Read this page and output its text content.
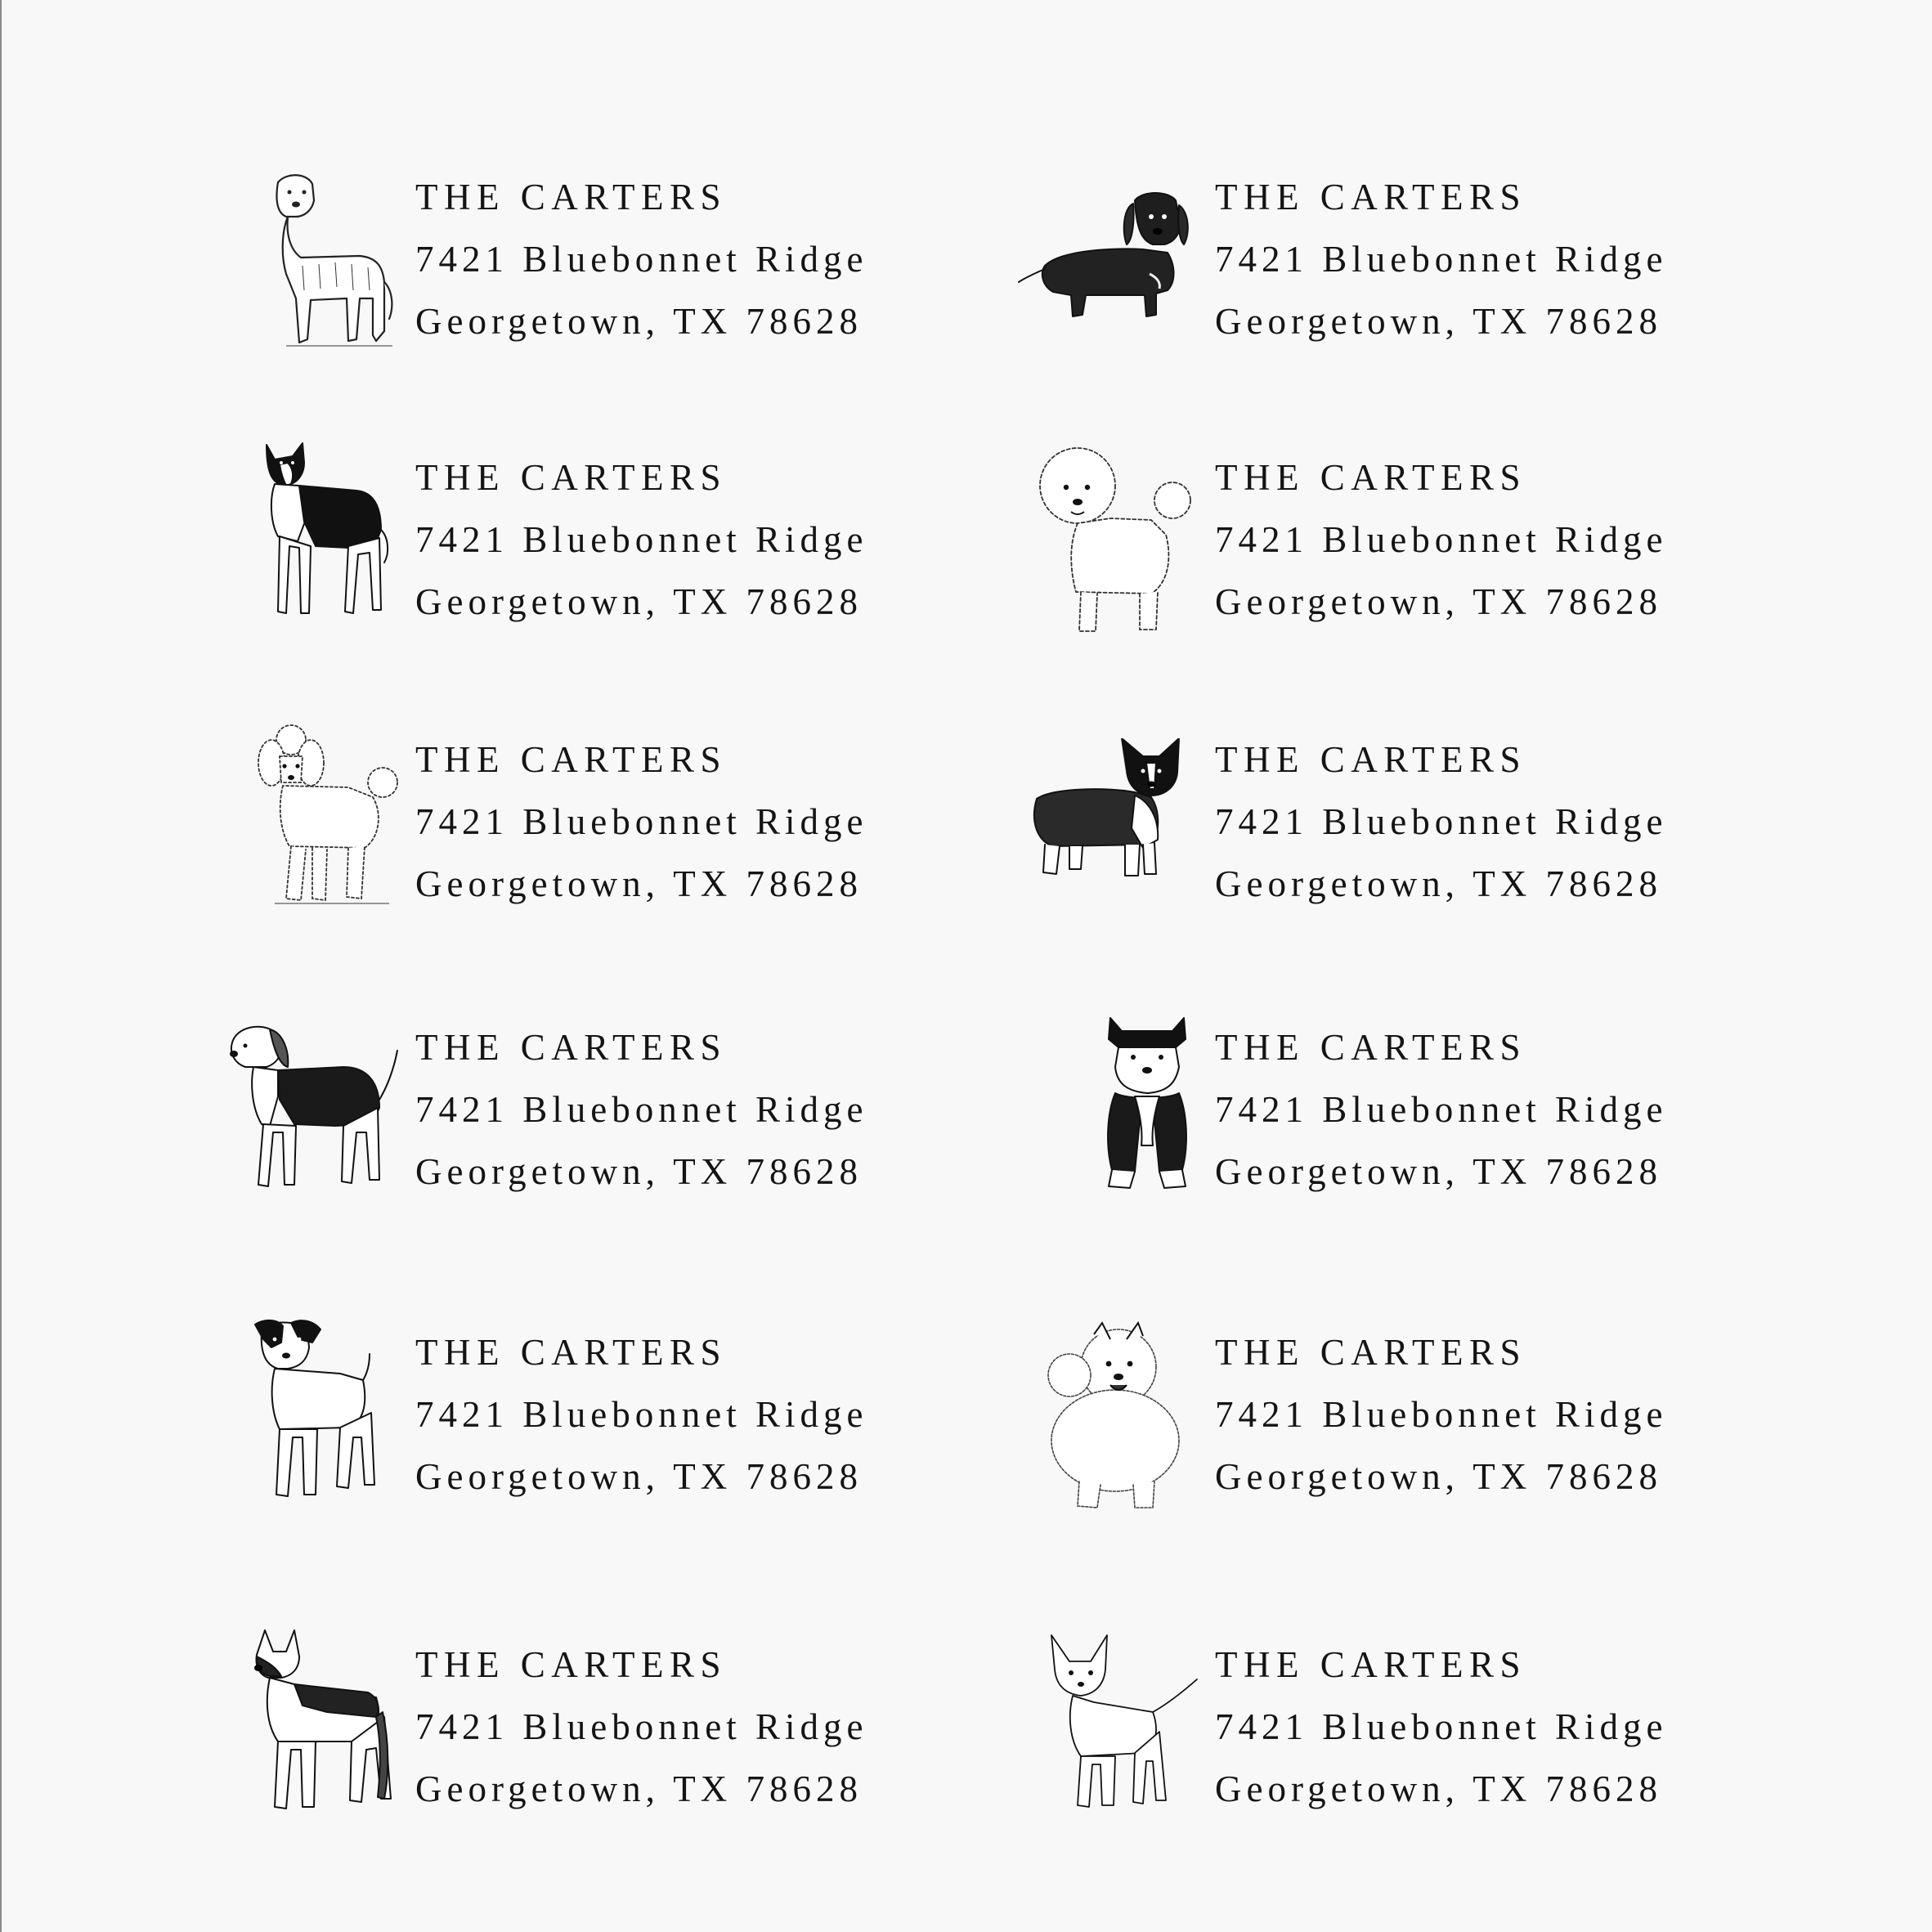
THE CARTERS
7421 Bluebonnet Ridge
Georgetown, TX 78628
THE CARTERS
7421 Bluebonnet Ridge
Georgetown, TX 78628
THE CARTERS
7421 Bluebonnet Ridge
Georgetown, TX 78628
THE CARTERS
7421 Bluebonnet Ridge
Georgetown, TX 78628
THE CARTERS
7421 Bluebonnet Ridge
Georgetown, TX 78628
THE CARTERS
7421 Bluebonnet Ridge
Georgetown, TX 78628
THE CARTERS
7421 Bluebonnet Ridge
Georgetown, TX 78628
THE CARTERS
7421 Bluebonnet Ridge
Georgetown, TX 78628
THE CARTERS
7421 Bluebonnet Ridge
Georgetown, TX 78628
THE CARTERS
7421 Bluebonnet Ridge
Georgetown, TX 78628
THE CARTERS
7421 Bluebonnet Ridge
Georgetown, TX 78628
THE CARTERS
7421 Bluebonnet Ridge
Georgetown, TX 78628
